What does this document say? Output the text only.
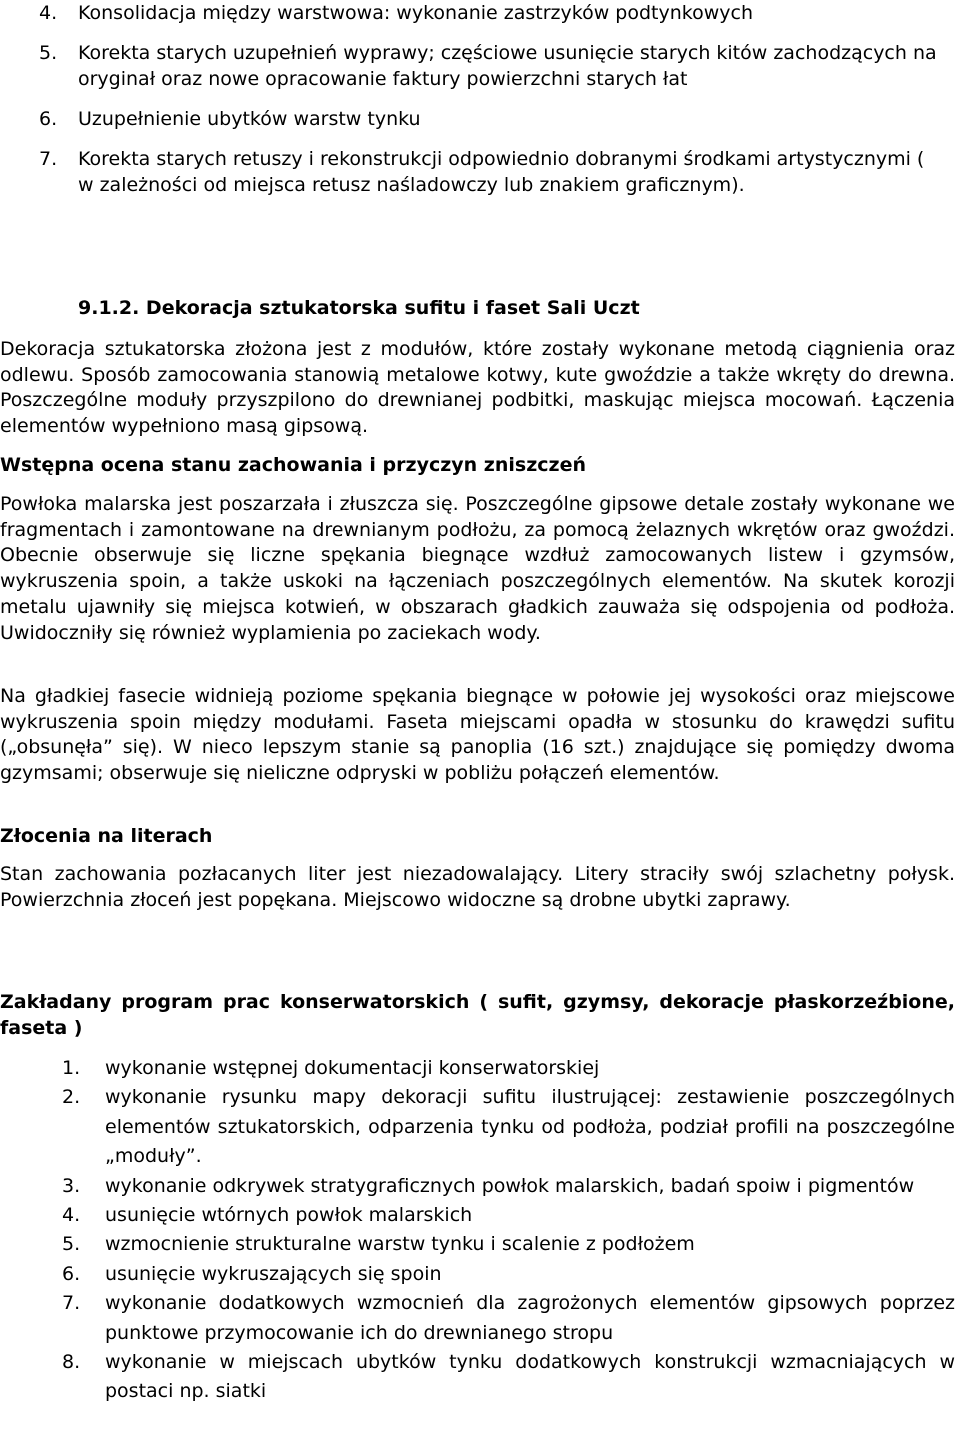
4. Konsolidacja między warstwowa: wykonanie zastrzyków podtynkowych
5. Korekta starych uzupełnień wyprawy; częściowe usunięcie starych kitów zachodzących na oryginał oraz nowe opracowanie faktury powierzchni starych łat
6. Uzupełnienie ubytków warstw tynku
7. Korekta starych retuszy i rekonstrukcji odpowiednio dobranymi środkami artystycznymi ( w zależności od miejsca retusz naśladowczy lub znakiem graficznym).
9.1.2. Dekoracja sztukatorska sufitu i faset Sali Uczt

Dekoracja sztukatorska złożona jest z modułów, które zostały wykonane metodą ciągnienia oraz odlewu. Sposób zamocowania stanowią metalowe kotwy, kute gwoździe a także wkręty do drewna. Poszczególne moduły przyszpilono do drewnianej podbitki, maskując miejsca mocowań. Łączenia elementów wypełniono masą gipsową.

Wstępna ocena stanu zachowania i przyczyn zniszczeń

Powłoka malarska jest poszarzała i złuszcza się. Poszczególne gipsowe detale zostały wykonane we fragmentach i zamontowane na drewnianym podłożu, za pomocą żelaznych wkrętów oraz gwoździ. Obecnie obserwuje się liczne spękania biegnące wzdłuż zamocowanych listew i gzymsów, wykruszenia spoin, a także uskoki na łączeniach poszczególnych elementów. Na skutek korozji metalu ujawniły się miejsca kotwień, w obszarach gładkich zauważa się odspojenia od podłoża. Uwidoczniły się również wyplamienia po zaciekach wody.

Na gładkiej fasecie widnieją poziome spękania biegnące w połowie jej wysokości oraz miejscowe wykruszenia spoin między modułami. Faseta miejscami opadła w stosunku do krawędzi sufitu („obsunęła” się). W nieco lepszym stanie są panoplia (16 szt.) znajdujące się pomiędzy dwoma gzymsami; obserwuje się nieliczne odpryski w pobliżu połączeń elementów.

Złocenia na literach

Stan zachowania pozłacanych liter jest niezadowalający. Litery straciły swój szlachetny połysk. Powierzchnia złoceń jest popękana. Miejscowo widoczne są drobne ubytki zaprawy.

Zakładany program prac konserwatorskich ( sufit, gzymsy, dekoracje płaskorzeźbione, faseta )
1. wykonanie wstępnej dokumentacji konserwatorskiej
2. wykonanie rysunku mapy dekoracji sufitu ilustrującej: zestawienie poszczególnych elementów sztukatorskich, odparzenia tynku od podłoża, podział profili na poszczególne „moduły”.
3. wykonanie odkrywek stratygraficznych powłok malarskich, badań spoiw i pigmentów
4. usunięcie wtórnych powłok malarskich
5. wzmocnienie strukturalne warstw tynku i scalenie z podłożem
6. usunięcie wykruszających się spoin
7. wykonanie dodatkowych wzmocnień dla zagrożonych elementów gipsowych poprzez punktowe przymocowanie ich do drewnianego stropu
8. wykonanie w miejscach ubytków tynku dodatkowych konstrukcji wzmacniających w postaci np. siatki
